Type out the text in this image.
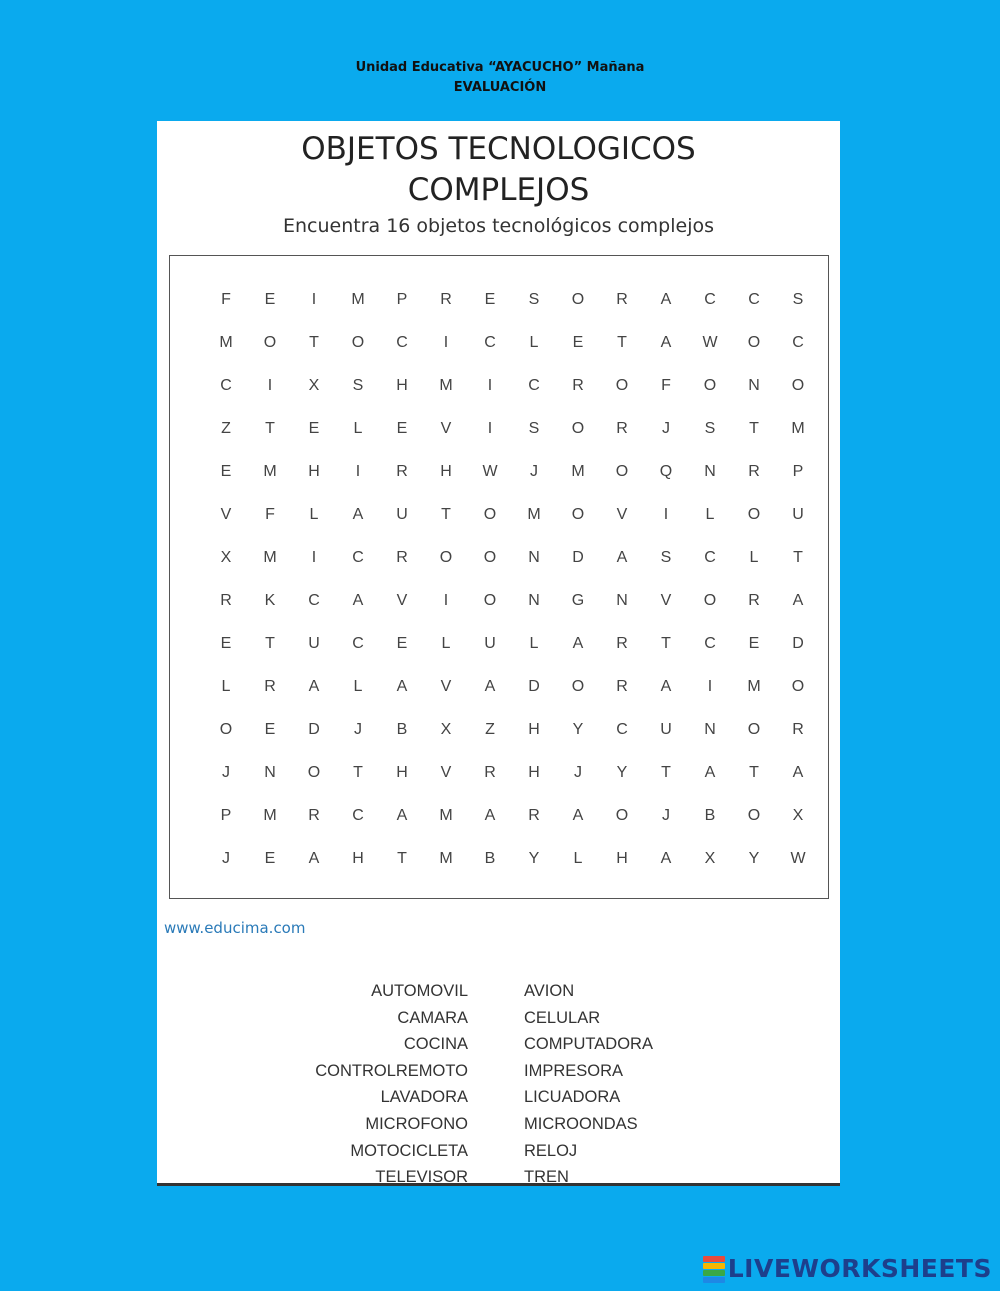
Unidad Educativa “AYACUCHO” Mañana
EVALUACIÓN
OBJETOS TECNOLOGICOS
COMPLEJOS
Encuentra 16 objetos tecnológicos complejos
F	E	I	M	P	R	E	S	O	R	A	C	C	S
M	O	T	O	C	I	C	L	E	T	A	W	O	C
C	I	X	S	H	M	I	C	R	O	F	O	N	O
Z	T	E	L	E	V	I	S	O	R	J	S	T	M
E	M	H	I	R	H	W	J	M	O	Q	N	R	P
V	F	L	A	U	T	O	M	O	V	I	L	O	U
X	M	I	C	R	O	O	N	D	A	S	C	L	T
R	K	C	A	V	I	O	N	G	N	V	O	R	A
E	T	U	C	E	L	U	L	A	R	T	C	E	D
L	R	A	L	A	V	A	D	O	R	A	I	M	O
O	E	D	J	B	X	Z	H	Y	C	U	N	O	R
J	N	O	T	H	V	R	H	J	Y	T	A	T	A
P	M	R	C	A	M	A	R	A	O	J	B	O	X
J	E	A	H	T	M	B	Y	L	H	A	X	Y	W
www.educima.com
AUTOMOVIL
CAMARA
COCINA
CONTROLREMOTO
LAVADORA
MICROFONO
MOTOCICLETA
TELEVISOR
AVION
CELULAR
COMPUTADORA
IMPRESORA
LICUADORA
MICROONDAS
RELOJ
TREN
LIVEWORKSHEETS
